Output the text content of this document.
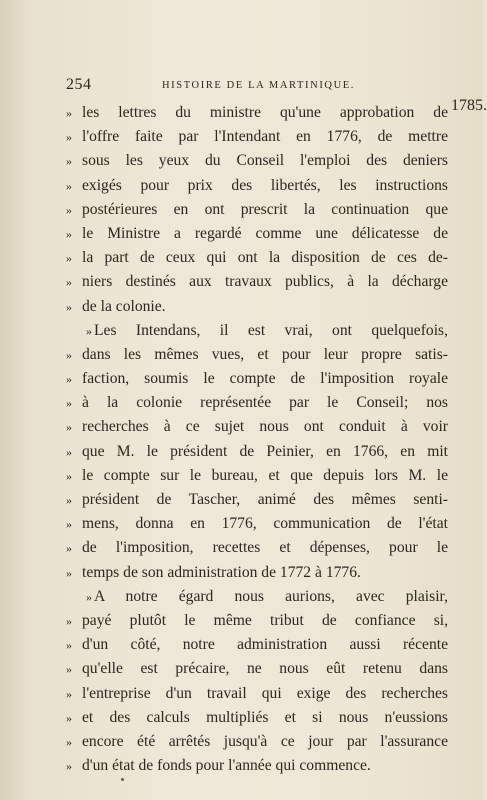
254	HISTOIRE DE LA MARTINIQUE.
1785.
» les lettres du ministre qu'une approbation de
» l'offre faite par l'Intendant en 1776, de mettre
» sous les yeux du Conseil l'emploi des deniers
» exigés pour prix des libertés, les instructions
» postérieures en ont prescrit la continuation que
» le Ministre a regardé comme une délicatesse de
» la part de ceux qui ont la disposition de ces de-
» niers destinés aux travaux publics, à la décharge
» de la colonie.
» Les Intendans, il est vrai, ont quelquefois,
» dans les mêmes vues, et pour leur propre satis-
» faction, soumis le compte de l'imposition royale
» à la colonie représentée par le Conseil; nos
» recherches à ce sujet nous ont conduit à voir
» que M. le président de Peinier, en 1766, en mit
» le compte sur le bureau, et que depuis lors M. le
» président de Tascher, animé des mêmes senti-
» mens, donna en 1776, communication de l'état
» de l'imposition, recettes et dépenses, pour le
» temps de son administration de 1772 à 1776.
» A notre égard nous aurions, avec plaisir,
» payé plutôt le même tribut de confiance si,
» d'un côté, notre administration aussi récente
» qu'elle est précaire, ne nous eût retenu dans
» l'entreprise d'un travail qui exige des recherches
» et des calculs multipliés et si nous n'eussions
» encore été arrêtés jusqu'à ce jour par l'assurance
» d'un état de fonds pour l'année qui commence.
